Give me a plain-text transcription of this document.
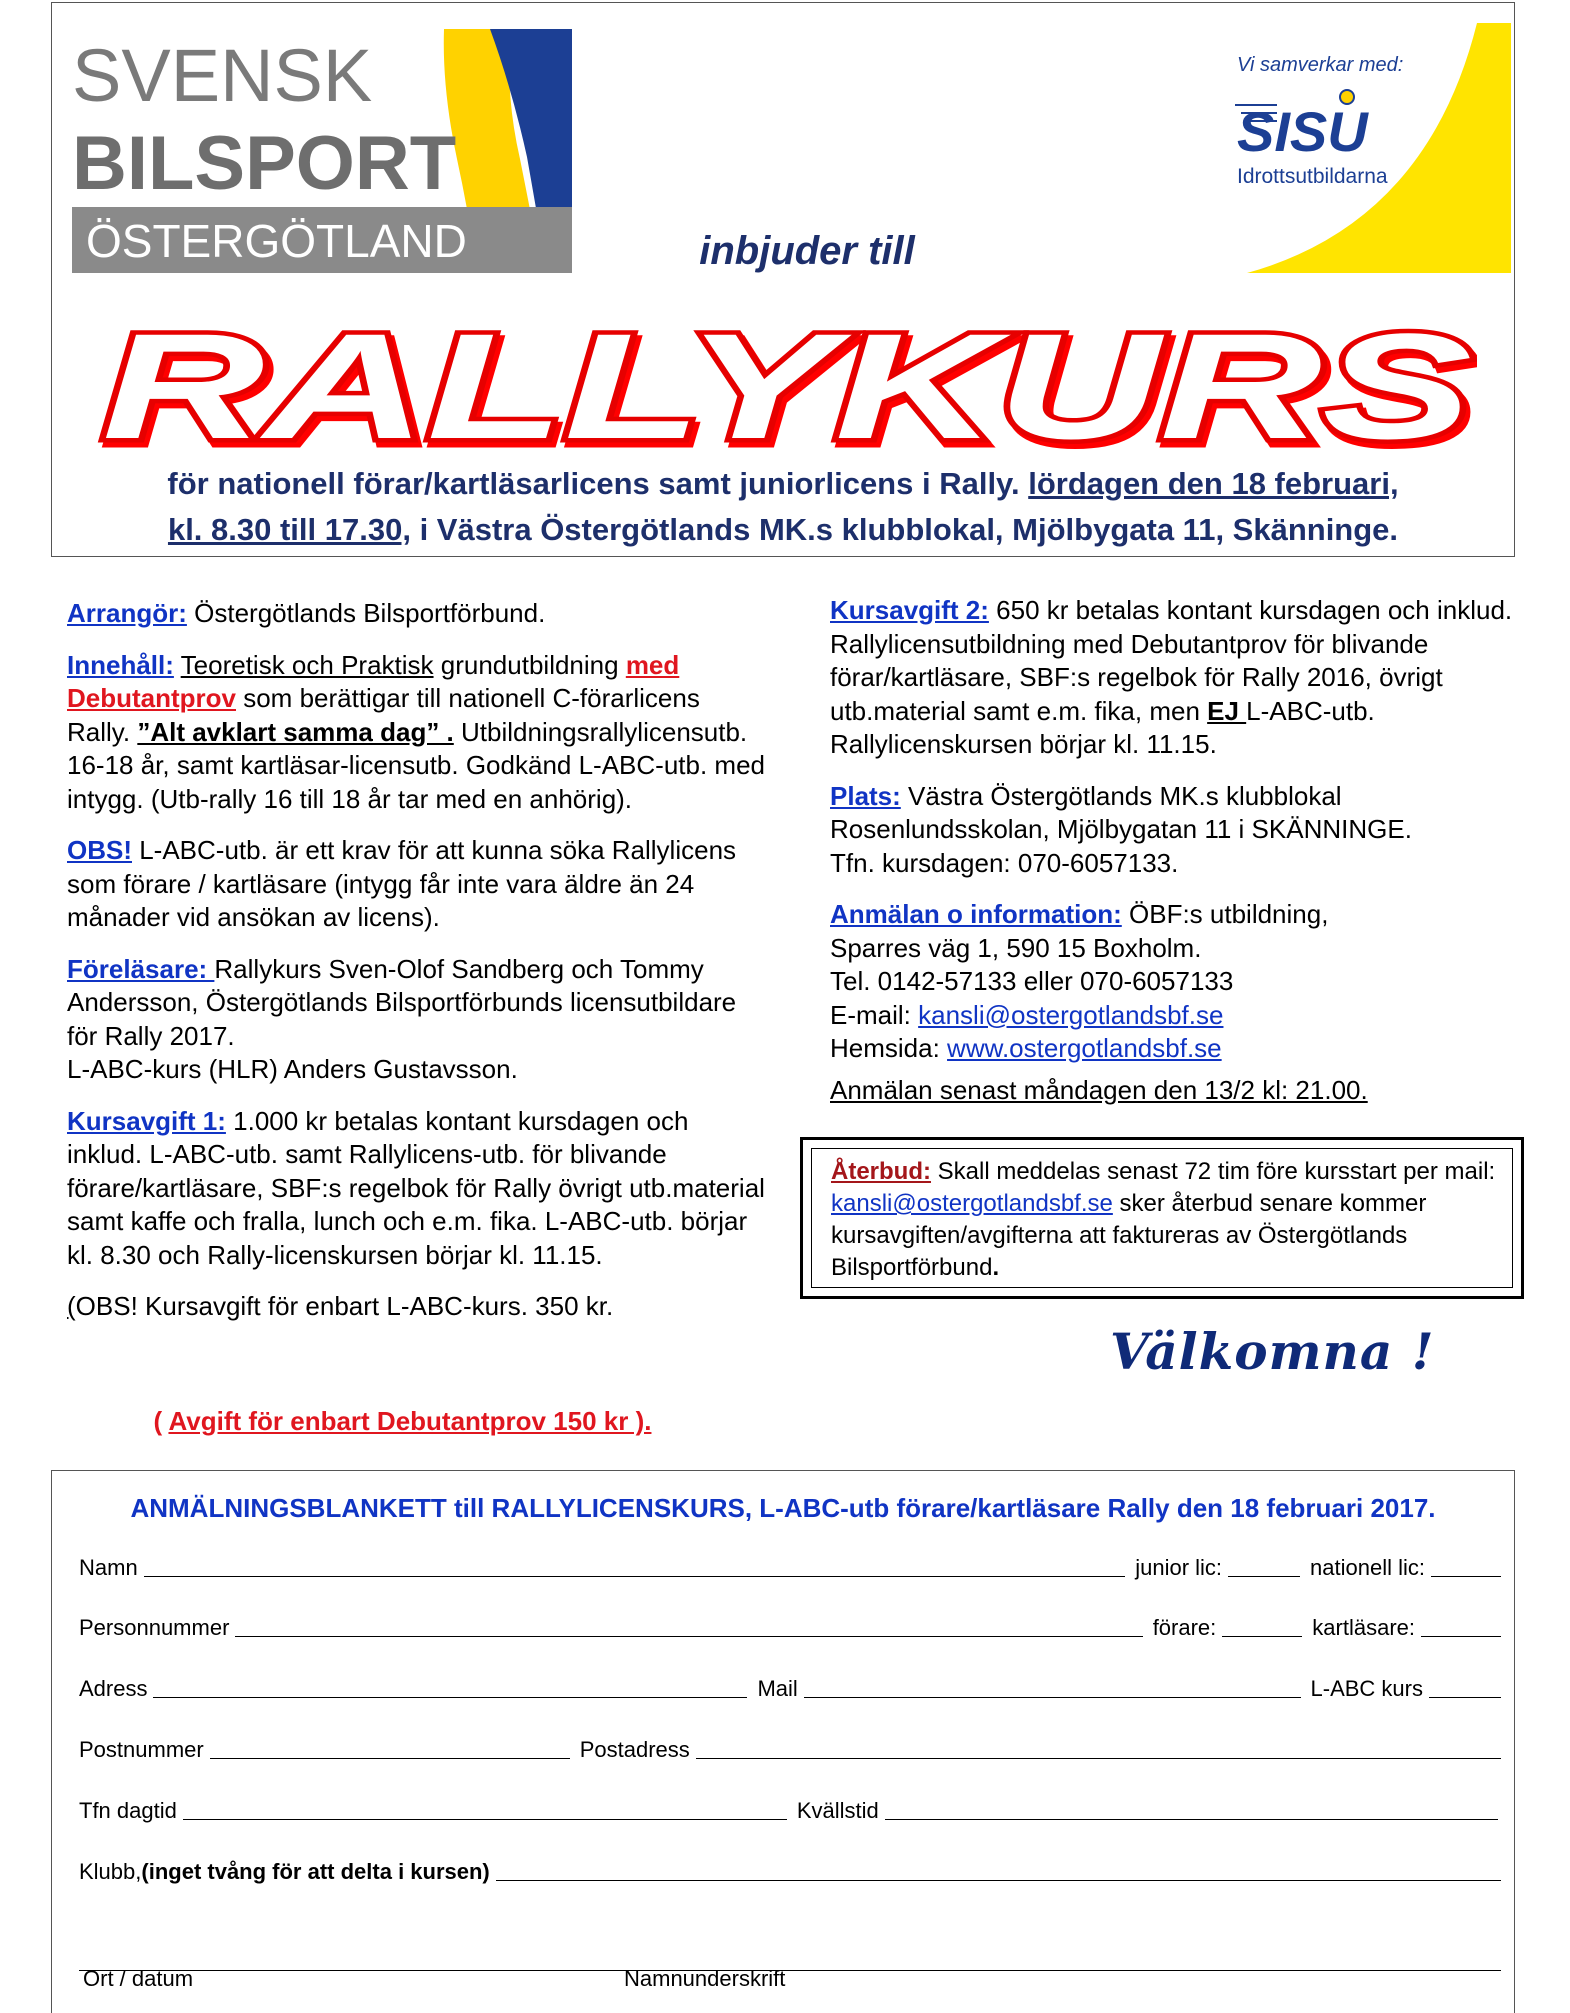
SVENSK
BILSPORT
ÖSTERGÖTLAND
Vi samverkar med:
SISU
Idrottsutbildarna
inbjuder till
RALLYKURS
för nationell förar/kartläsarlicens samt juniorlicens i Rally. lördagen den 18 februari,
kl. 8.30 till 17.30, i Västra Östergötlands MK.s klubblokal, Mjölbygata 11, Skänninge.

Arrangör: Östergötlands Bilsportförbund.

Innehåll: Teoretisk och Praktisk grundutbildning med Debutantprov som berättigar till nationell C-förarlicens Rally. ”Alt avklart samma dag” . Utbildningsrallylicensutb. 16-18 år, samt kartläsar-licensutb. Godkänd L-ABC-utb. med intygg. (Utb-rally 16 till 18 år tar med en anhörig).

OBS! L-ABC-utb. är ett krav för att kunna söka Rallylicens som förare / kartläsare (intygg får inte vara äldre än 24 månader vid ansökan av licens).

Föreläsare: Rallykurs Sven-Olof Sandberg och Tommy Andersson, Östergötlands Bilsportförbunds licensutbildare för Rally 2017.
L-ABC-kurs (HLR) Anders Gustavsson.

Kursavgift 1: 1.000 kr betalas kontant kursdagen och inklud. L-ABC-utb. samt Rallylicens-utb. för blivande förare/kartläsare, SBF:s regelbok för Rally övrigt utb.material samt kaffe och fralla, lunch och e.m. fika. L-ABC-utb. börjar kl. 8.30 och Rally-licenskursen börjar kl. 11.15.

(OBS! Kursavgift för enbart L-ABC-kurs. 350 kr.

( Avgift för enbart Debutantprov 150 kr ).

Kursavgift 2: 650 kr betalas kontant kursdagen och inklud. Rallylicensutbildning med Debutantprov för blivande förar/kartläsare, SBF:s regelbok för Rally 2016, övrigt utb.material samt e.m. fika, men EJ L-ABC-utb. Rallylicenskursen börjar kl. 11.15.

Plats: Västra Östergötlands MK.s klubblokal Rosenlundsskolan, Mjölbygatan 11 i SKÄNNINGE.
Tfn. kursdagen: 070-6057133.

Anmälan o information: ÖBF:s utbildning,
Sparres väg 1, 590 15 Boxholm.
Tel. 0142-57133 eller 070-6057133
E-mail: kansli@ostergotlandsbf.se
Hemsida: www.ostergotlandsbf.se

Anmälan senast måndagen den 13/2 kl: 21.00.

Återbud: Skall meddelas senast 72 tim före kursstart per mail: kansli@ostergotlandsbf.se sker återbud senare kommer kursavgiften/avgifterna att faktureras av Östergötlands Bilsportförbund.
Välkomna !
ANMÄLNINGSBLANKETT till RALLYLICENSKURS, L-ABC-utb förare/kartläsare Rally den 18 februari 2017.
Namn	junior lic:	nationell lic:
Personnummer	förare:	kartläsare:
Adress	Mail	L-ABC kurs
Postnummer	Postadress
Tfn dagtid	Kvällstid
Klubb, (inget tvång för att delta i kursen)
Ort / datum	Namnunderskrift
